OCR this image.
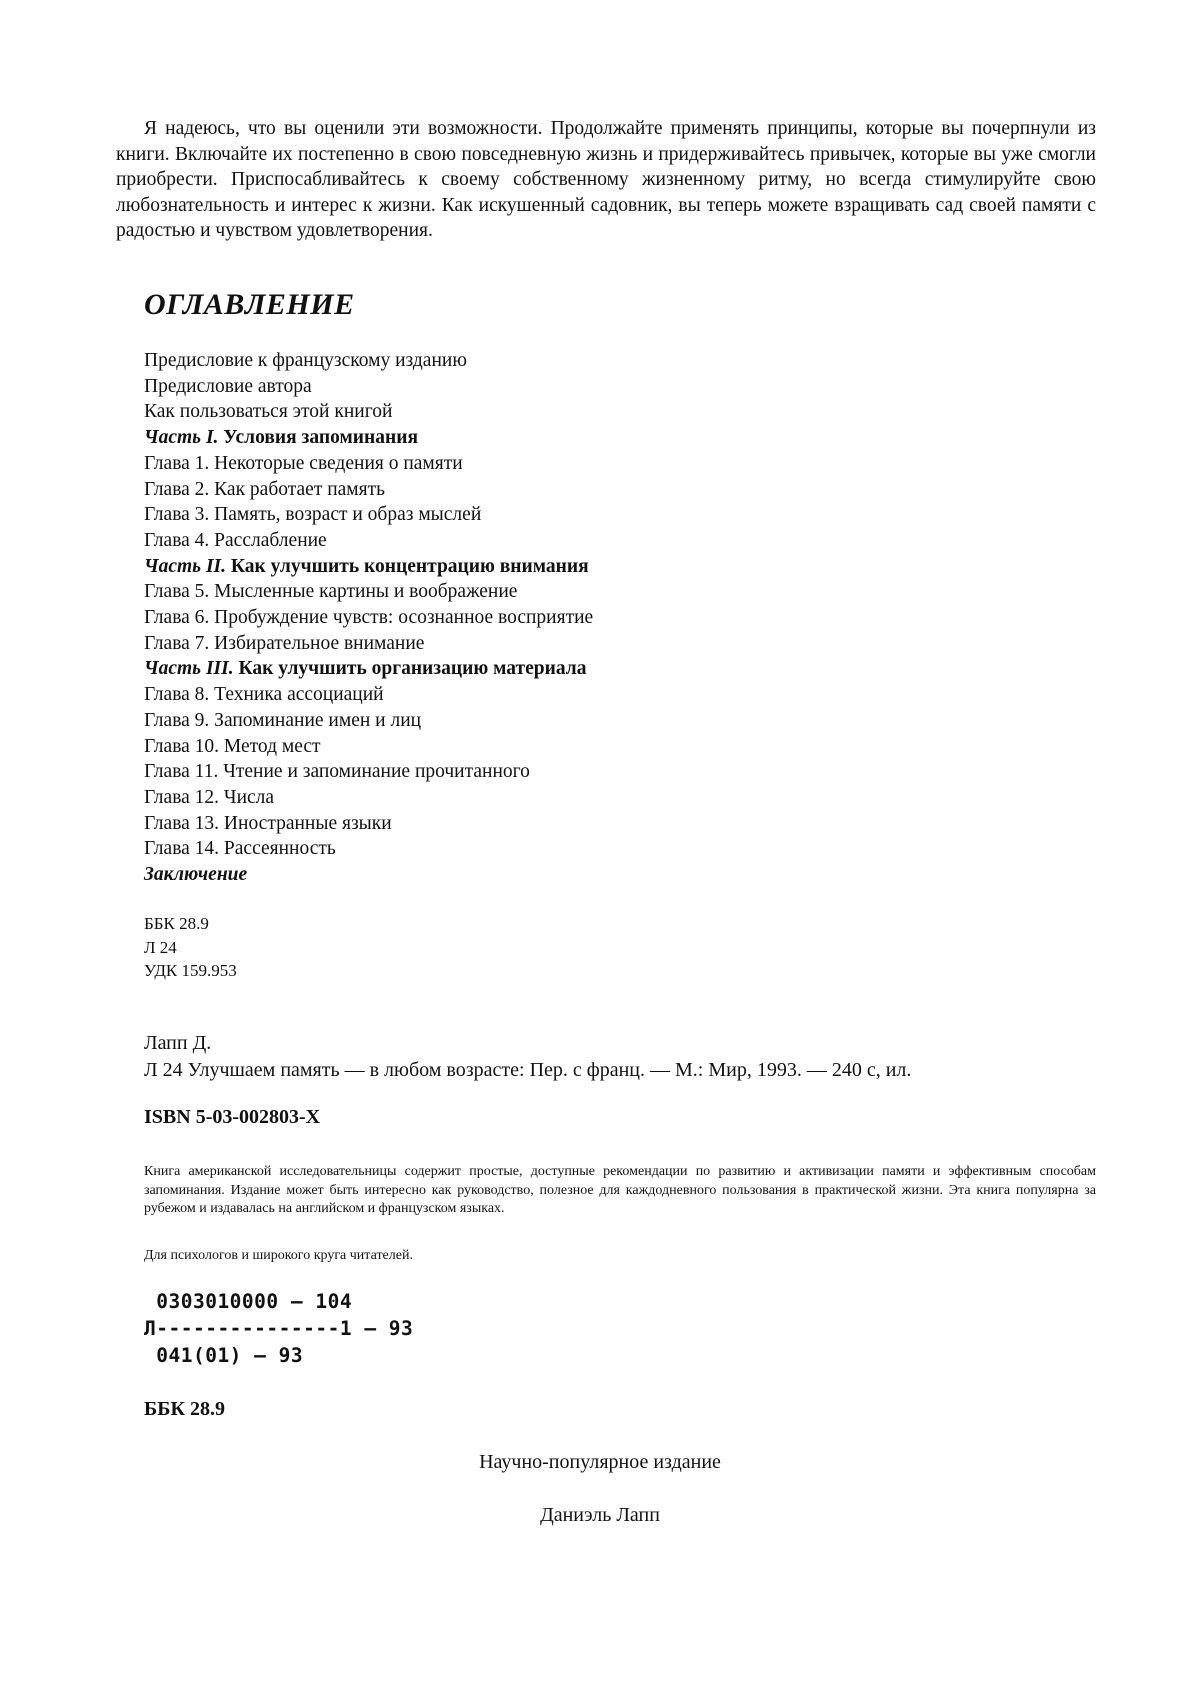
Я надеюсь, что вы оценили эти возможности. Продолжайте применять принципы, которые вы почерпнули из книги. Включайте их постепенно в свою повседневную жизнь и придерживайтесь привычек, которые вы уже смогли приобрести. Приспосабливайтесь к своему собственному жизненному ритму, но всегда стимулируйте свою любознательность и интерес к жизни. Как искушенный садовник, вы теперь можете взращивать сад своей памяти с радостью и чувством удовлетворения.

ОГЛАВЛЕНИЕ
Предисловие к французскому изданию
Предисловие автора
Как пользоваться этой книгой
Часть I. Условия запоминания
Глава 1. Некоторые сведения о памяти
Глава 2. Как работает память
Глава 3. Память, возраст и образ мыслей
Глава 4. Расслабление
Часть II. Как улучшить концентрацию внимания
Глава 5. Мысленные картины и воображение
Глава 6. Пробуждение чувств: осознанное восприятие
Глава 7. Избирательное внимание
Часть III. Как улучшить организацию материала
Глава 8. Техника ассоциаций
Глава 9. Запоминание имен и лиц
Глава 10. Метод мест
Глава 11. Чтение и запоминание прочитанного
Глава 12. Числа
Глава 13. Иностранные языки
Глава 14. Рассеянность
Заключение
ББК 28.9
Л 24
УДК 159.953
Лапп Д.
Л 24 Улучшаем память — в любом возрасте: Пер. с франц. — М.: Мир, 1993. — 240 с, ил.
ISBN 5-03-002803-X

Книга американской исследовательницы содержит простые, доступные рекомендации по развитию и активизации памяти и эффективным способам запоминания. Издание может быть интересно как руководство, полезное для каждодневного пользования в практической жизни. Эта книга популярна за рубежом и издавалась на английском и французском языках.

Для психологов и широкого круга читателей.
0303010000 — 104
Л---------------1 — 93
041(01) — 93
ББК 28.9
Научно-популярное издание
Даниэль Лапп
